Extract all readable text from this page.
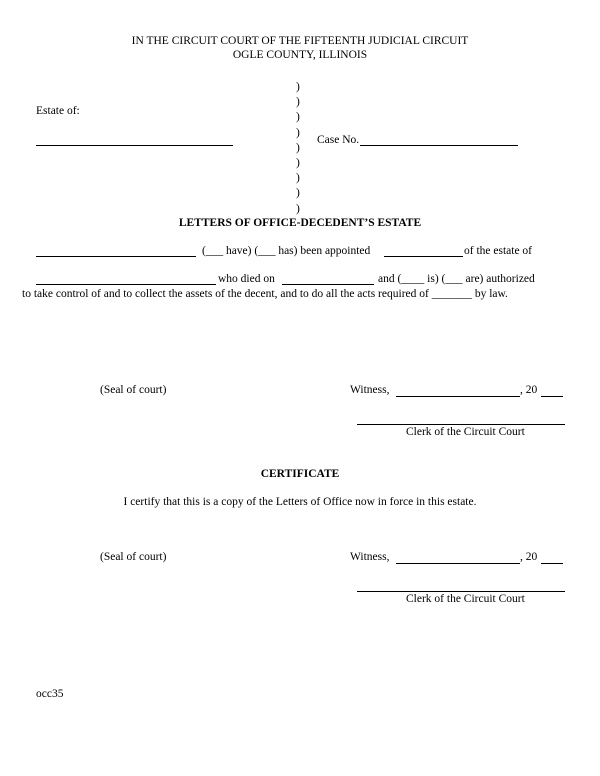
IN THE CIRCUIT COURT OF THE FIFTEENTH JUDICIAL CIRCUIT
OGLE COUNTY, ILLINOIS
Estate of:
)
)
)
)
)
)
)
)
)
Case No.
LETTERS OF OFFICE-DECEDENT’S ESTATE
(___ have) (___ has) been appointed	of the estate of
who died on	and (____ is) (___ are) authorized
to take control of and to collect the assets of the decent, and to do all the acts required of _______ by law.
(Seal of court)	Witness,	, 20
Clerk of the Circuit Court
CERTIFICATE
I certify that this is a copy of the Letters of Office now in force in this estate.
(Seal of court)	Witness,	, 20
Clerk of the Circuit Court
occ35
